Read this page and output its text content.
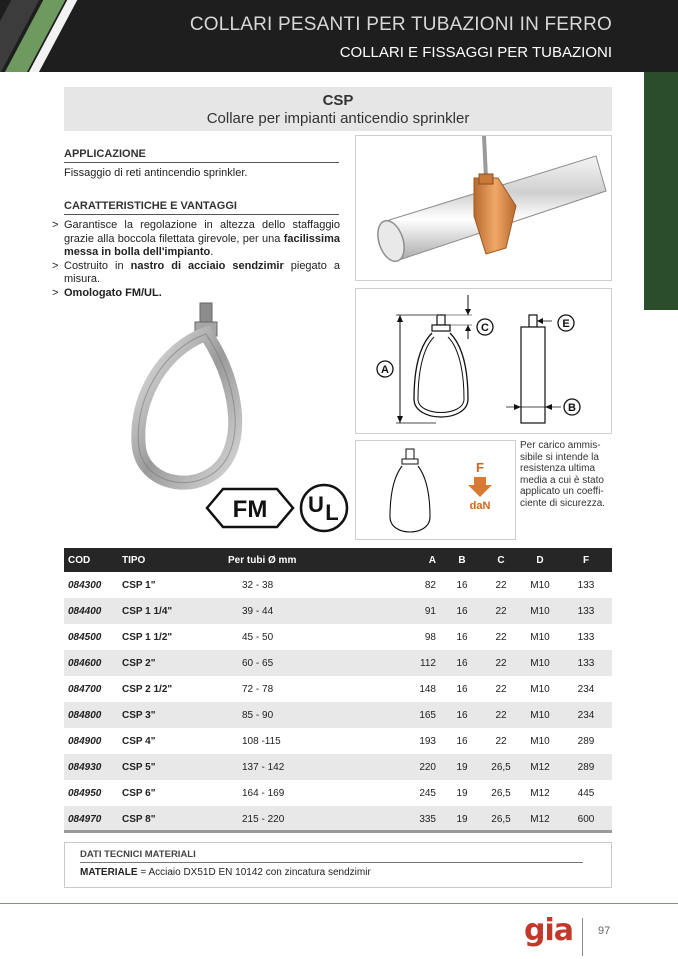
COLLARI PESANTI PER TUBAZIONI IN FERRO
COLLARI E FISSAGGI PER TUBAZIONI
CSP
Collare per impianti anticendio sprinkler
APPLICAZIONE
Fissaggio di reti antincendio sprinkler.
CARATTERISTICHE E VANTAGGI
> Garantisce la regolazione in altezza dello staffaggio grazie alla boccola filettata girevole, per una facilissima messa in bolla dell'impianto.
> Costruito in nastro di acciaio sendzimir piegato a misura.
> Omologato FM/UL.
FM U L
A
C	E
B
F
daN
Per carico ammis-
sibile si intende la
resistenza ultima
media a cui è stato
applicato un coeffi-
ciente di sicurezza.
COD	TIPO	Per tubi Ø mm	A	B	C	D	F
084300	CSP 1"	32 - 38	82	16	22	M10	133
084400	CSP 1 1/4"	39 - 44	91	16	22	M10	133
084500	CSP 1 1/2"	45 - 50	98	16	22	M10	133
084600	CSP 2"	60 - 65	112	16	22	M10	133
084700	CSP 2 1/2"	72 - 78	148	16	22	M10	234
084800	CSP 3"	85 - 90	165	16	22	M10	234
084900	CSP 4"	108 -115	193	16	22	M10	289
084930	CSP 5"	137 - 142	220	19	26,5	M12	289
084950	CSP 6"	164 - 169	245	19	26,5	M12	445
084970	CSP 8"	215 - 220	335	19	26,5	M12	600
DATI TECNICI MATERIALI
MATERIALE = Acciaio DX51D EN 10142 con zincatura sendzimir
gia 97
